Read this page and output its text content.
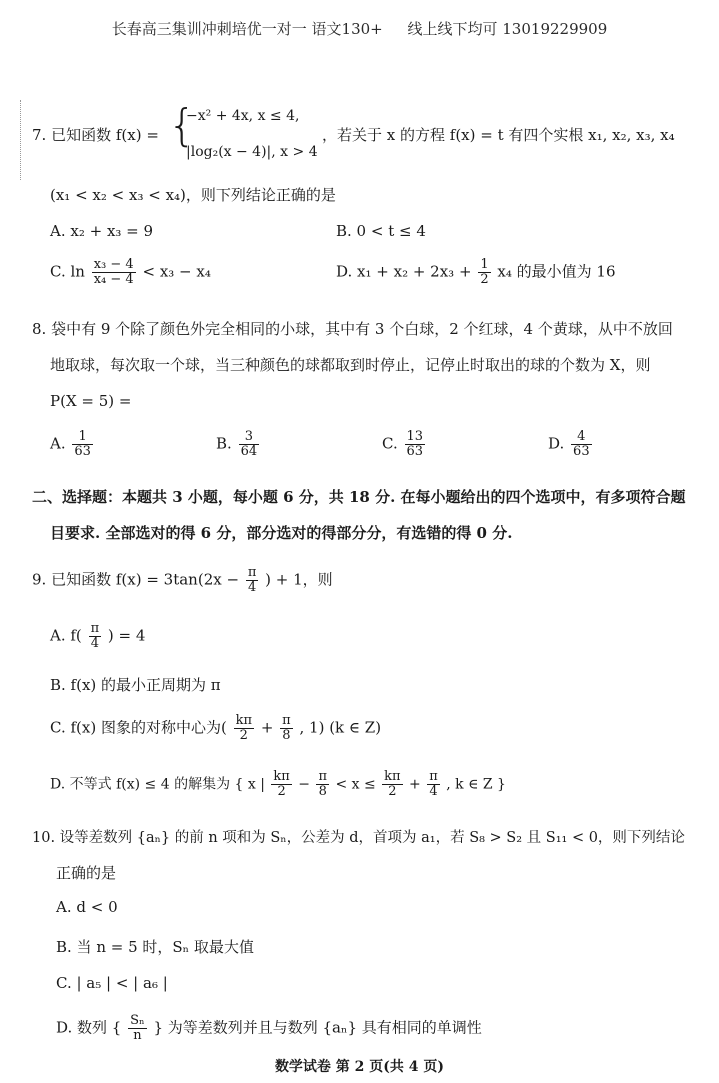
长春高三集训冲刺培优一对一 语文130+ 线上线下均可 13019229909
7. 已知函数 f(x) = {
−x² + 4x, x ≤ 4,
|log₂(x − 4)|, x > 4
，若关于 x 的方程 f(x) = t 有四个实根 x₁, x₂, x₃, x₄
(x₁ < x₂ < x₃ < x₄)，则下列结论正确的是
A. x₂ + x₃ = 9	B. 0 < t ≤ 4
C. $\ln \frac{\text{x₃ − 4}}{\text{x₄ − 4}} < x_3 - x_4$	D. $x_1 + x_2 + 2x_3 + \frac{1}{2} x_4$ 的最小值为 16
8. 袋中有 9 个除了颜色外完全相同的小球，其中有 3 个白球，2 个红球，4 个黄球，从中不放回
地取球，每次取一个球，当三种颜色的球都取到时停止，记停止时取出的球的个数为 X，则
P(X = 5) =
A. $\frac{1}{63}$	B. $\frac{3}{64}$	C. $\frac{13}{63}$	D. $\frac{4}{63}$
二、选择题：本题共 3 小题，每小题 6 分，共 18 分. 在每小题给出的四个选项中，有多项符合题
目要求. 全部选对的得 6 分，部分选对的得部分分，有选错的得 0 分.
9. 已知函数 $f(x) = 3\tan(2x - \frac{\pi}{4}$ ) + 1，则
A. $f( \frac{\pi}{4}$ ) = 4
B. f(x) 的最小正周期为 π
C. f(x) 图象的对称中心为( $\frac{k\pi}{2} + \frac{\pi}{8}$ , 1) (k ∈ Z)
D. 不等式 f(x) ≤ 4 的解集为 { x | $\frac{k\pi}{2} - \frac{\pi}{8} < x \le \frac{k\pi}{2} + \frac{\pi}{4}$ , k ∈ Z }
10. 设等差数列 {aₙ} 的前 n 项和为 Sₙ，公差为 d，首项为 a₁，若 S₈ > S₂ 且 S₁₁ < 0，则下列结论
正确的是
A. d < 0
B. 当 n = 5 时，Sₙ 取最大值
C. | a₅ | < | a₆ |
D. 数列 { $\frac{\text{Sₙ}}{n}$ } 为等差数列并且与数列 {aₙ} 具有相同的单调性
数学试卷 第 2 页(共 4 页)
